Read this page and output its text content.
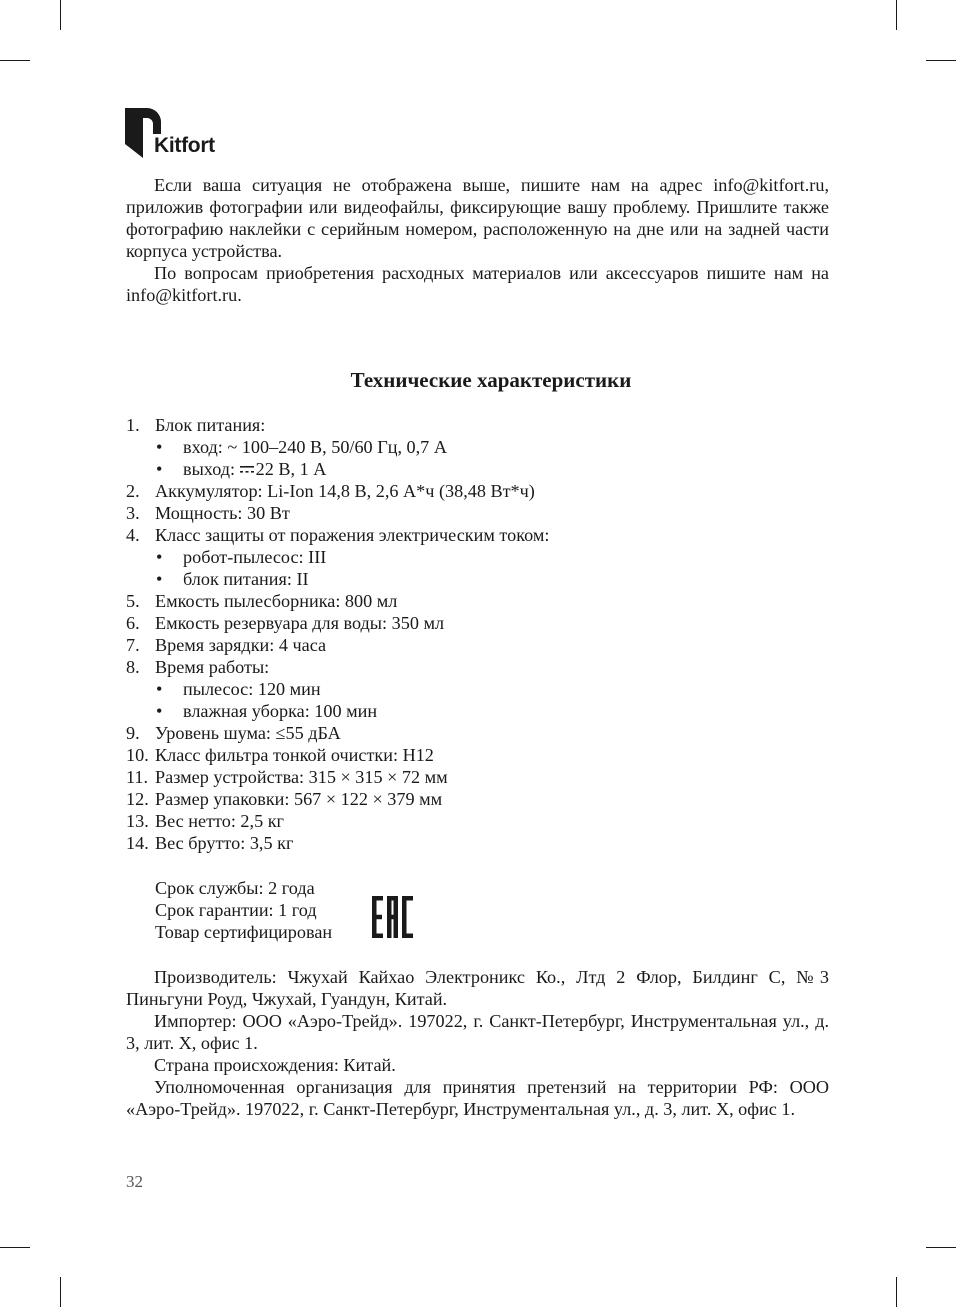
Kitfort

Если ваша ситуация не отображена выше, пишите нам на адрес info@kitfort.ru, приложив фотографии или видеофайлы, фиксирующие вашу проблему. Пришлите также фотографию наклейки с серийным номером, расположенную на дне или на задней части корпуса устройства.

По вопросам приобретения расходных материалов или аксессуаров пишите нам на info@kitfort.ru.

Технические характеристики
1. Блок питания:
• вход: ~ 100–240 В, 50/60 Гц, 0,7 А
• выход: 22 В, 1 А
2. Аккумулятор: Li-Ion 14,8 В, 2,6 А*ч (38,48 Вт*ч)
3. Мощность: 30 Вт
4. Класс защиты от поражения электрическим током:
• робот-пылесос: III
• блок питания: II
5. Емкость пылесборника: 800 мл
6. Емкость резервуара для воды: 350 мл
7. Время зарядки: 4 часа
8. Время работы:
• пылесос: 120 мин
• влажная уборка: 100 мин
9. Уровень шума: ≤55 дБА
10. Класс фильтра тонкой очистки: H12
11. Размер устройства: 315 × 315 × 72 мм
12. Размер упаковки: 567 × 122 × 379 мм
13. Вес нетто: 2,5 кг
14. Вес брутто: 3,5 кг
Срок службы: 2 года
Срок гарантии: 1 год
Товар сертифицирован

Производитель: Чжухай Кайхао Электроникс Ко., Лтд 2 Флор, Билдинг С, №3 Пиньгуни Роуд, Чжухай, Гуандун, Китай.

Импортер: ООО «Аэро-Трейд». 197022, г. Санкт-Петербург, Инструментальная ул., д. 3, лит. Х, офис 1.

Страна происхождения: Китай.

Уполномоченная организация для принятия претензий на территории РФ: ООО «Аэро-Трейд». 197022, г. Санкт-Петербург, Инструментальная ул., д. 3, лит. Х, офис 1.

32
